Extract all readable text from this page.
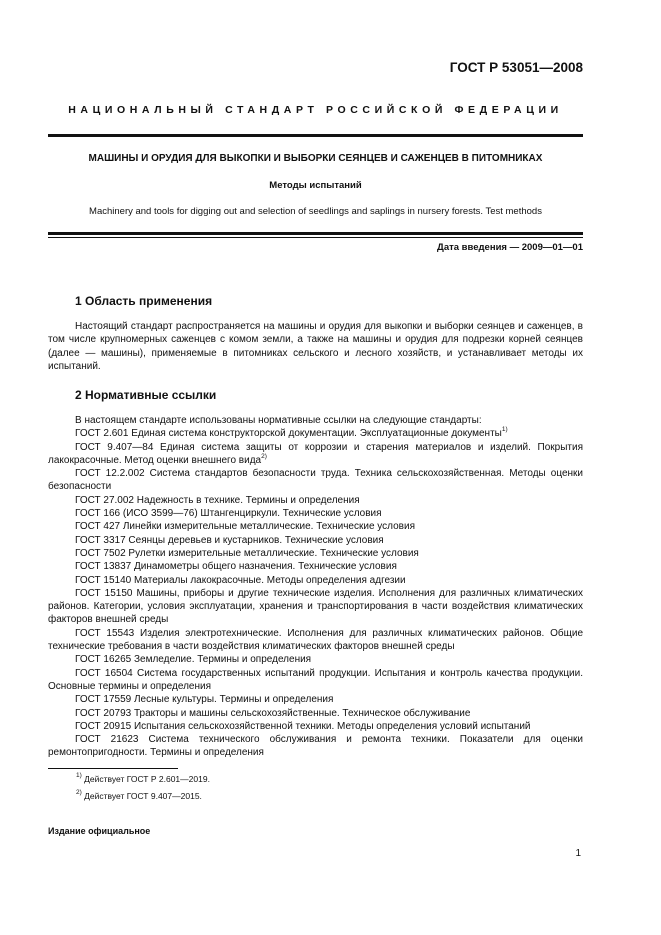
ГОСТ Р 53051—2008
НАЦИОНАЛЬНЫЙ СТАНДАРТ РОССИЙСКОЙ ФЕДЕРАЦИИ
МАШИНЫ И ОРУДИЯ ДЛЯ ВЫКОПКИ И ВЫБОРКИ СЕЯНЦЕВ И САЖЕНЦЕВ В ПИТОМНИКАХ
Методы испытаний
Machinery and tools for digging out and selection of seedlings and saplings in nursery forests. Test methods
Дата введения — 2009—01—01
1 Область применения

Настоящий стандарт распространяется на машины и орудия для выкопки и выборки сеянцев и саженцев, в том числе крупномерных саженцев с комом земли, а также на машины и орудия для подрезки корней сеянцев (далее — машины), применяемые в питомниках сельского и лесного хозяйств, и устанавливает методы их испытаний.

2 Нормативные ссылки

В настоящем стандарте использованы нормативные ссылки на следующие стандарты:

ГОСТ 2.601 Единая система конструкторской документации. Эксплуатационные документы$^{1)}$

ГОСТ 9.407—84 Единая система защиты от коррозии и старения материалов и изделий. Покрытия лакокрасочные. Метод оценки внешнего вида$^{2)}$

ГОСТ 12.2.002 Система стандартов безопасности труда. Техника сельскохозяйственная. Методы оценки безопасности

ГОСТ 27.002 Надежность в технике. Термины и определения

ГОСТ 166 (ИСО 3599—76) Штангенциркули. Технические условия

ГОСТ 427 Линейки измерительные металлические. Технические условия

ГОСТ 3317 Сеянцы деревьев и кустарников. Технические условия

ГОСТ 7502 Рулетки измерительные металлические. Технические условия

ГОСТ 13837 Динамометры общего назначения. Технические условия

ГОСТ 15140 Материалы лакокрасочные. Методы определения адгезии

ГОСТ 15150 Машины, приборы и другие технические изделия. Исполнения для различных климатических районов. Категории, условия эксплуатации, хранения и транспортирования в части воздействия климатических факторов внешней среды

ГОСТ 15543 Изделия электротехнические. Исполнения для различных климатических районов. Общие технические требования в части воздействия климатических факторов внешней среды

ГОСТ 16265 Земледелие. Термины и определения

ГОСТ 16504 Система государственных испытаний продукции. Испытания и контроль качества продукции. Основные термины и определения

ГОСТ 17559 Лесные культуры. Термины и определения

ГОСТ 20793 Тракторы и машины сельскохозяйственные. Техническое обслуживание

ГОСТ 20915 Испытания сельскохозяйственной техники. Методы определения условий испытаний

ГОСТ 21623 Система технического обслуживания и ремонта техники. Показатели для оценки ремонтопригодности. Термины и определения

$^{1)}$ Действует ГОСТ Р 2.601—2019.
$^{2)}$ Действует ГОСТ 9.407—2015.
Издание официальное
1
